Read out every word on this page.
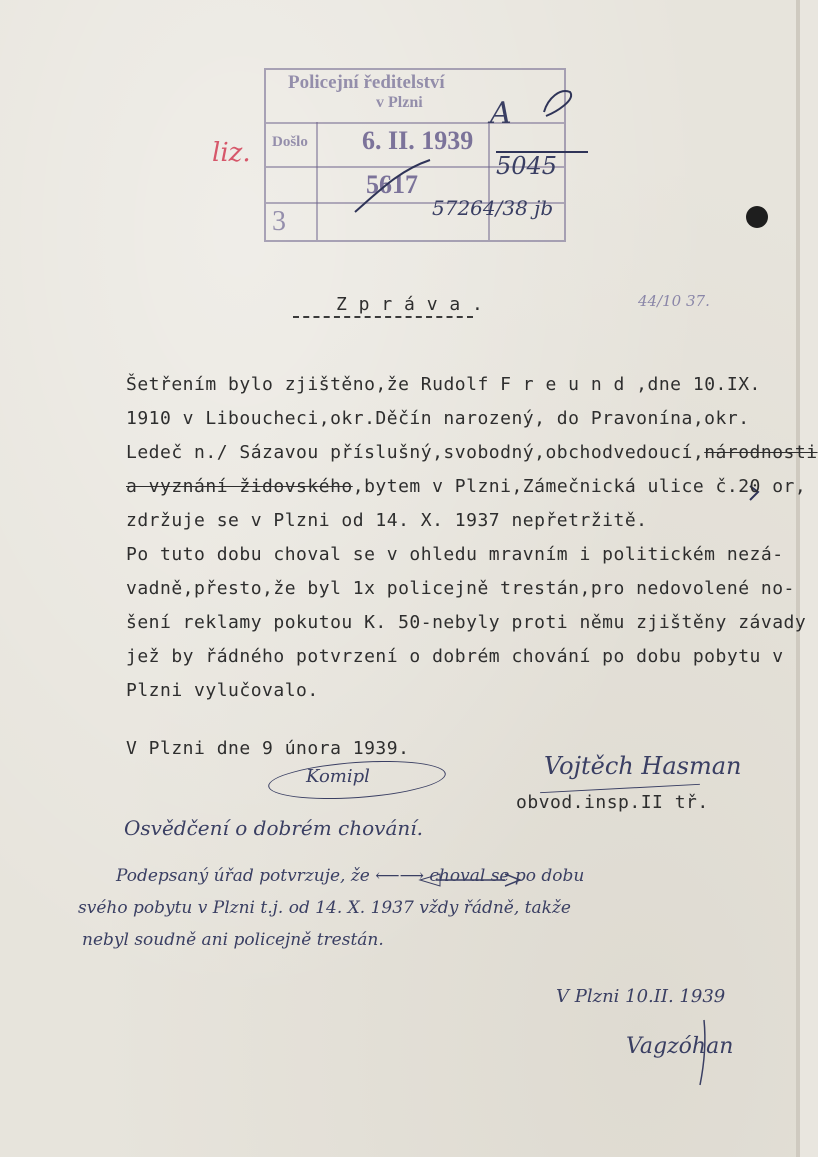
liz.
Policejní ředitelství
v Plzni
Došlo 6. II. 1939
5617
3
A
5045
57264/38 jb
44/10 37.
Z p r á v a .
Šetřením bylo zjištěno,že Rudolf F r e u n d ,dne 10.IX.
1910 v Liboucheci,okr.Děčín narozený, do Pravonína,okr.
Ledeč n./ Sázavou příslušný,svobodný,obchodvedoucí,národnosti
a vyznání židovského,bytem v Plzni,Zámečnická ulice č.20 or,
zdržuje se v Plzni od 14. X. 1937 nepřetržitě.
Po tuto dobu choval se v ohledu mravním i politickém nezá-
vadně,přesto,že byl 1x policejně trestán,pro nedovolené no-
šení reklamy pokutou K. 50-nebyly proti němu zjištěny závady
jež by řádného potvrzení o dobrém chování po dobu pobytu v
Plzni vylučovalo.
V Plzni dne 9 února 1939.
Komipl	Vojtěch Hasman
obvod.insp.II tř.
Osvědčení o dobrém chování.
Podepsaný úřad potvrzuje, že ⟵⟶ choval se po dobu
svého pobytu v Plzni t.j. od 14. X. 1937 vždy řádně, takže
nebyl soudně ani policejně trestán.
V Plzni 10.II. 1939
Vagzóhan
